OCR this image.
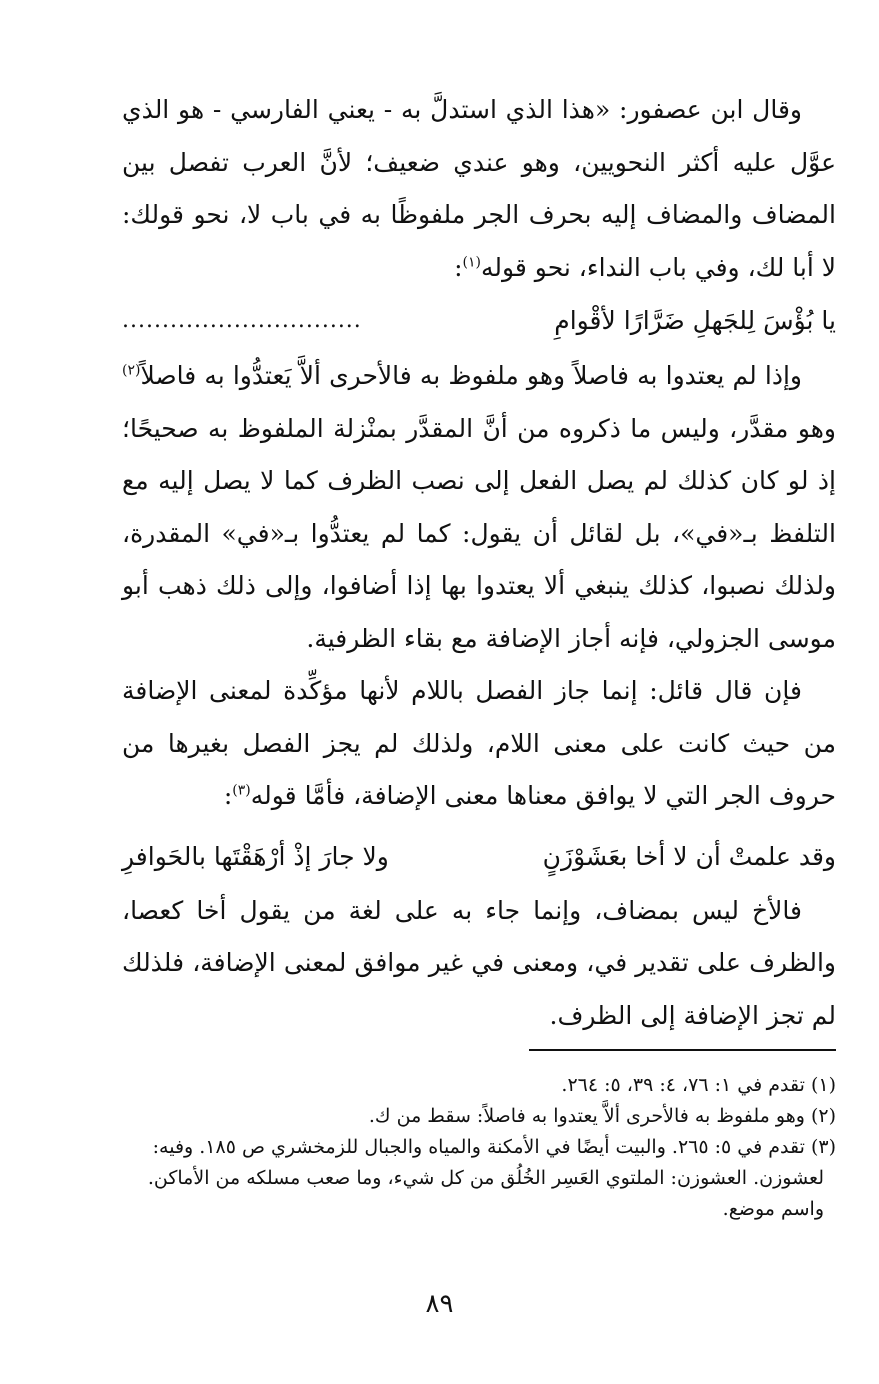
وقال ابن عصفور: «هذا الذي استدلَّ به - يعني الفارسي - هو الذي عوَّل عليه أكثر النحويين، وهو عندي ضعيف؛ لأنَّ العرب تفصل بين المضاف والمضاف إليه بحرف الجر ملفوظًا به في باب لا، نحو قولك: لا أبا لك، وفي باب النداء، نحو قوله$^{(١)}$:

يا بُؤْسَ لِلجَهلِ ضَرَّارًا لأقْوامِ
..............................

وإذا لم يعتدوا به فاصلاً وهو ملفوظ به فالأحرى ألاَّ يَعتدُّوا به فاصلاً$^{(٢)}$ وهو مقدَّر، وليس ما ذكروه من أنَّ المقدَّر بمنْزلة الملفوظ به صحيحًا؛ إذ لو كان كذلك لم يصل الفعل إلى نصب الظرف كما لا يصل إليه مع التلفظ بـ«في»، بل لقائل أن يقول: كما لم يعتدُّوا بـ«في» المقدرة، ولذلك نصبوا، كذلك ينبغي ألا يعتدوا بها إذا أضافوا، وإلى ذلك ذهب أبو موسى الجزولي، فإنه أجاز الإضافة مع بقاء الظرفية.

فإن قال قائل: إنما جاز الفصل باللام لأنها مؤكِّدة لمعنى الإضافة من حيث كانت على معنى اللام، ولذلك لم يجز الفصل بغيرها من حروف الجر التي لا يوافق معناها معنى الإضافة، فأمَّا قوله$^{(٣)}$:

وقد علمتْ أن لا أخا بعَشَوْزَنٍ
ولا جارَ إذْ أرْهَقْتَها بالحَوافرِ

فالأخ ليس بمضاف، وإنما جاء به على لغة من يقول أخا كعصا، والظرف على تقدير في، ومعنى في غير موافق لمعنى الإضافة، فلذلك لم تجز الإضافة إلى الظرف.

(١) تقدم في ١: ٧٦، ٤: ٣٩، ٥: ٢٦٤.

(٢) وهو ملفوظ به فالأحرى ألاَّ يعتدوا به فاصلاً: سقط من ك.

(٣) تقدم في ٥: ٢٦٥. والبيت أيضًا في الأمكنة والمياه والجبال للزمخشري ص ١٨٥. وفيه:

لعشوزن. العشوزن: الملتوي العَسِر الخُلُق من كل شيء، وما صعب مسلكه من الأماكن. واسم موضع.

٨٩
